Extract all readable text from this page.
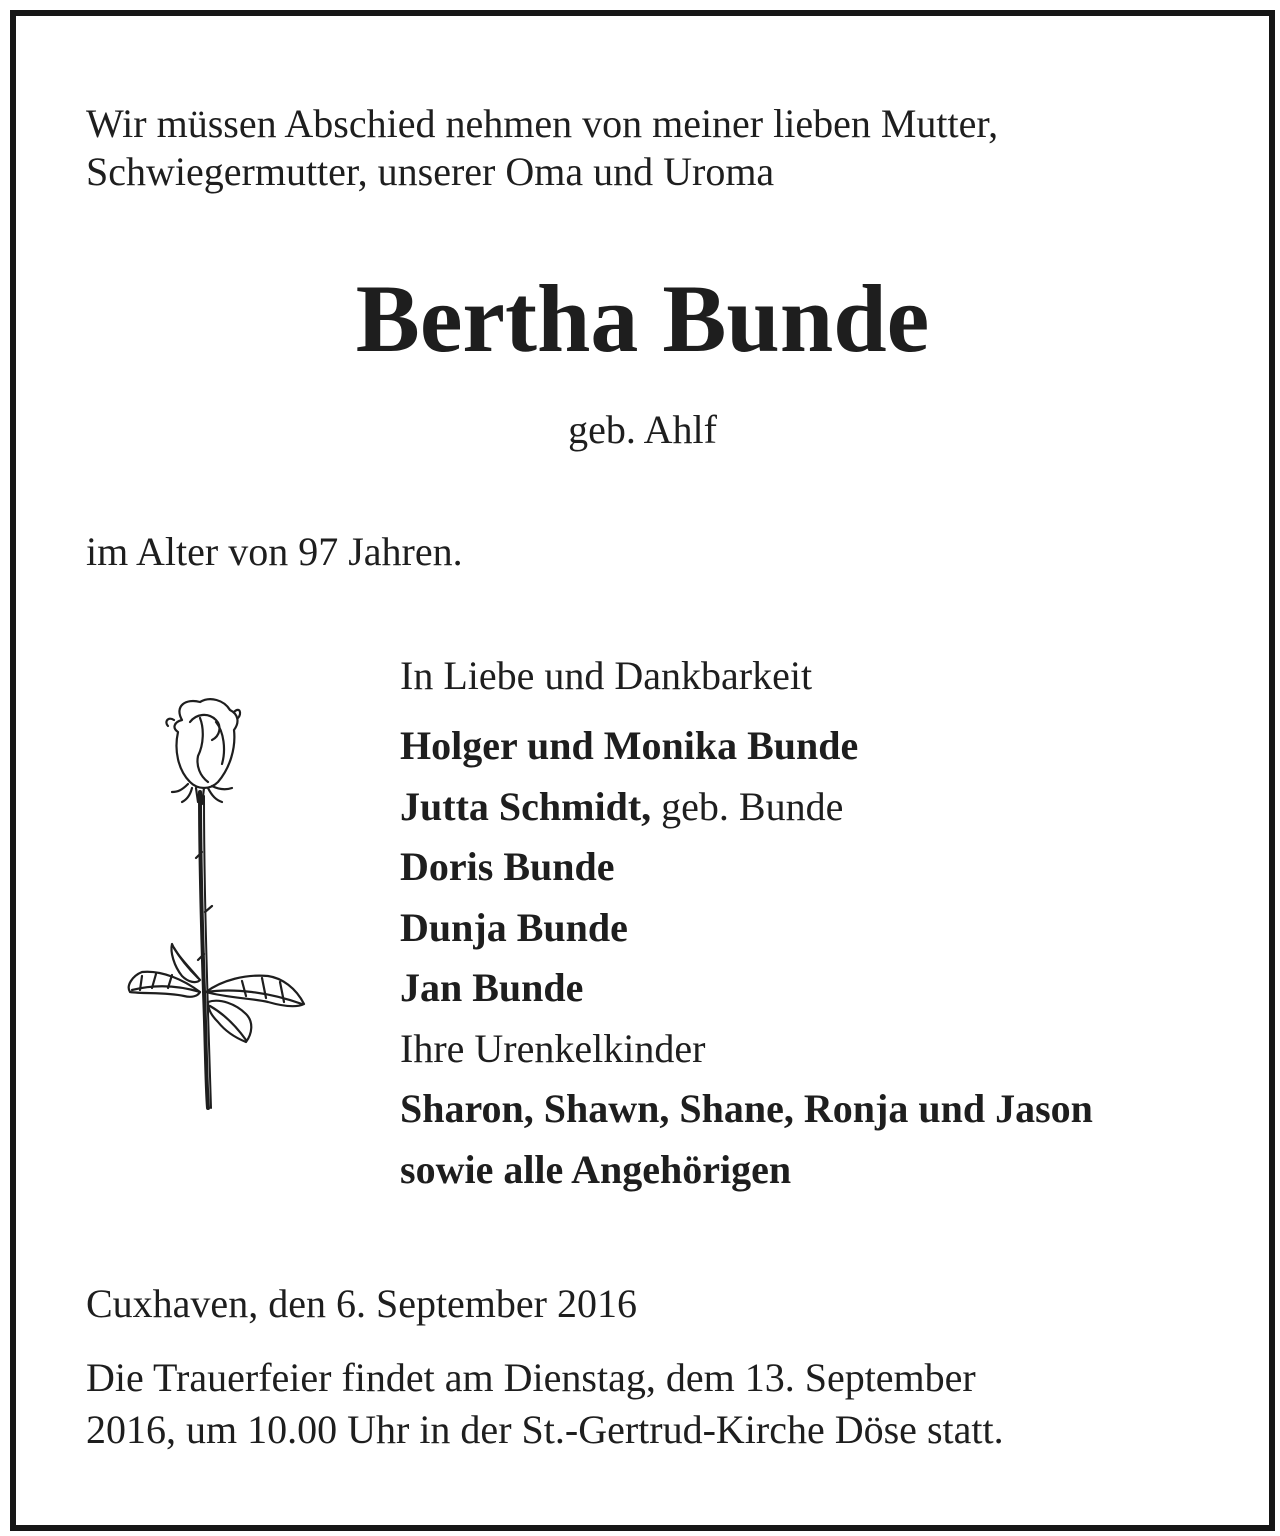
Wir müssen Abschied nehmen von meiner lieben Mutter,
Schwiegermutter, unserer Oma und Uroma
Bertha Bunde
geb. Ahlf
im Alter von 97 Jahren.
In Liebe und Dankbarkeit
Holger und Monika Bunde
Jutta Schmidt, geb. Bunde
Doris Bunde
Dunja Bunde
Jan Bunde
Ihre Urenkelkinder
Sharon, Shawn, Shane, Ronja und Jason
sowie alle Angehörigen
Cuxhaven, den 6. September 2016
Die Trauerfeier findet am Dienstag, dem 13. September
2016, um 10.00 Uhr in der St.-Gertrud-Kirche Döse statt.
